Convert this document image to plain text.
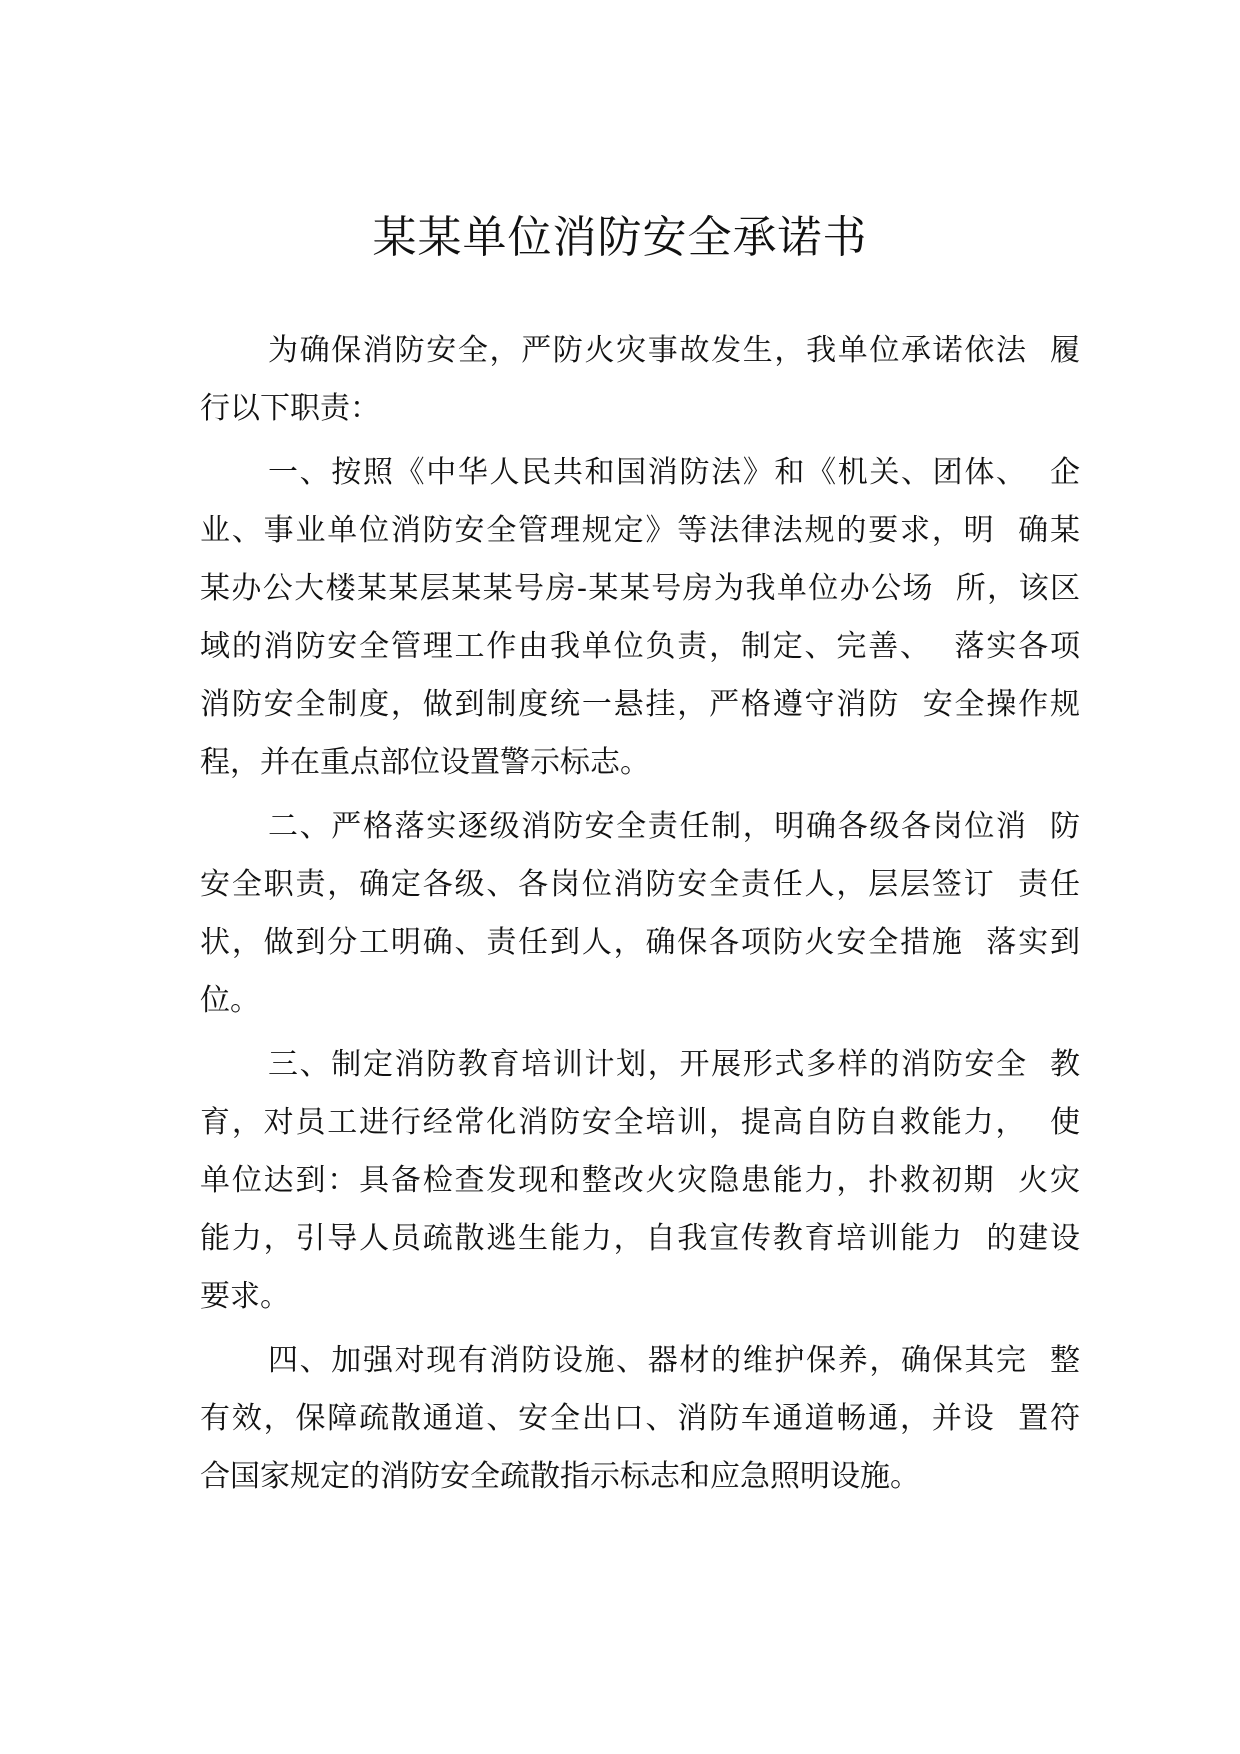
某某单位消防安全承诺书
为确保消防安全，严防火灾事故发生，我单位承诺依法  履
行以下职责：
一、按照《中华人民共和国消防法》和《机关、团体、  企
业、事业单位消防安全管理规定》等法律法规的要求，明  确某
某办公大楼某某层某某号房-某某号房为我单位办公场  所，该区
域的消防安全管理工作由我单位负责，制定、完善、  落实各项
消防安全制度，做到制度统一悬挂，严格遵守消防  安全操作规
程，并在重点部位设置警示标志。
二、严格落实逐级消防安全责任制，明确各级各岗位消  防
安全职责，确定各级、各岗位消防安全责任人，层层签订  责任
状，做到分工明确、责任到人，确保各项防火安全措施  落实到
位。
三、制定消防教育培训计划，开展形式多样的消防安全  教
育，对员工进行经常化消防安全培训，提高自防自救能力，  使
单位达到：具备检查发现和整改火灾隐患能力，扑救初期  火灾
能力，引导人员疏散逃生能力，自我宣传教育培训能力  的建设
要求。
四、加强对现有消防设施、器材的维护保养，确保其完  整
有效，保障疏散通道、安全出口、消防车通道畅通，并设  置符
合国家规定的消防安全疏散指示标志和应急照明设施。
